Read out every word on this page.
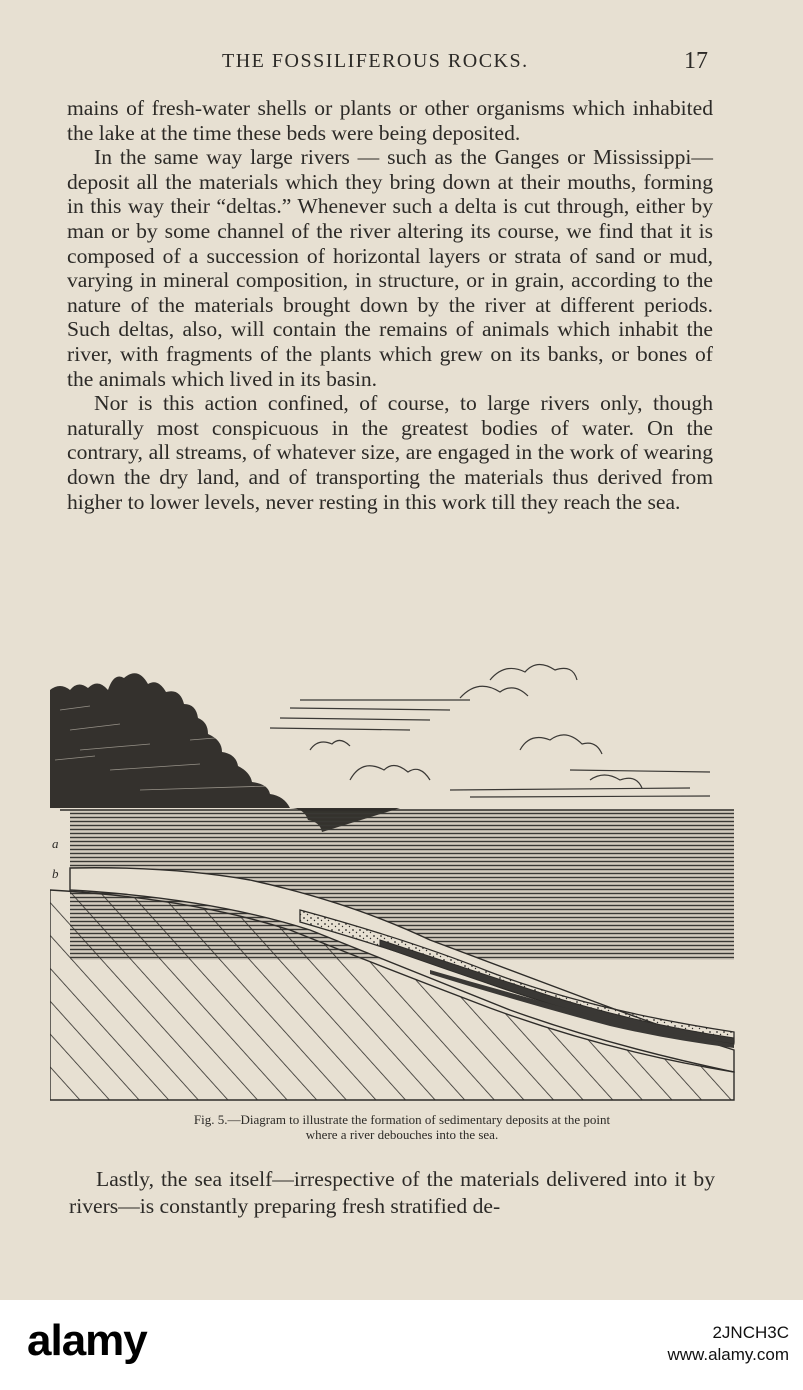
THE FOSSILIFEROUS ROCKS.	17

mains of fresh-water shells or plants or other organisms which inhabited the lake at the time these beds were being deposited.

In the same way large rivers — such as the Ganges or Mississippi—deposit all the materials which they bring down at their mouths, forming in this way their “deltas.” Whenever such a delta is cut through, either by man or by some channel of the river altering its course, we find that it is composed of a succession of horizontal layers or strata of sand or mud, varying in mineral composition, in structure, or in grain, according to the nature of the materials brought down by the river at different periods. Such deltas, also, will contain the remains of animals which inhabit the river, with fragments of the plants which grew on its banks, or bones of the animals which lived in its basin.

Nor is this action confined, of course, to large rivers only, though naturally most conspicuous in the greatest bodies of water. On the contrary, all streams, of whatever size, are engaged in the work of wearing down the dry land, and of transporting the materials thus derived from higher to lower levels, never resting in this work till they reach the sea.

a
b
Fig. 5.—Diagram to illustrate the formation of sedimentary deposits at the point
where a river debouches into the sea.

Lastly, the sea itself—irrespective of the materials delivered into it by rivers—is constantly preparing fresh stratified de-

alamy	2JNCH3C
www.alamy.com
